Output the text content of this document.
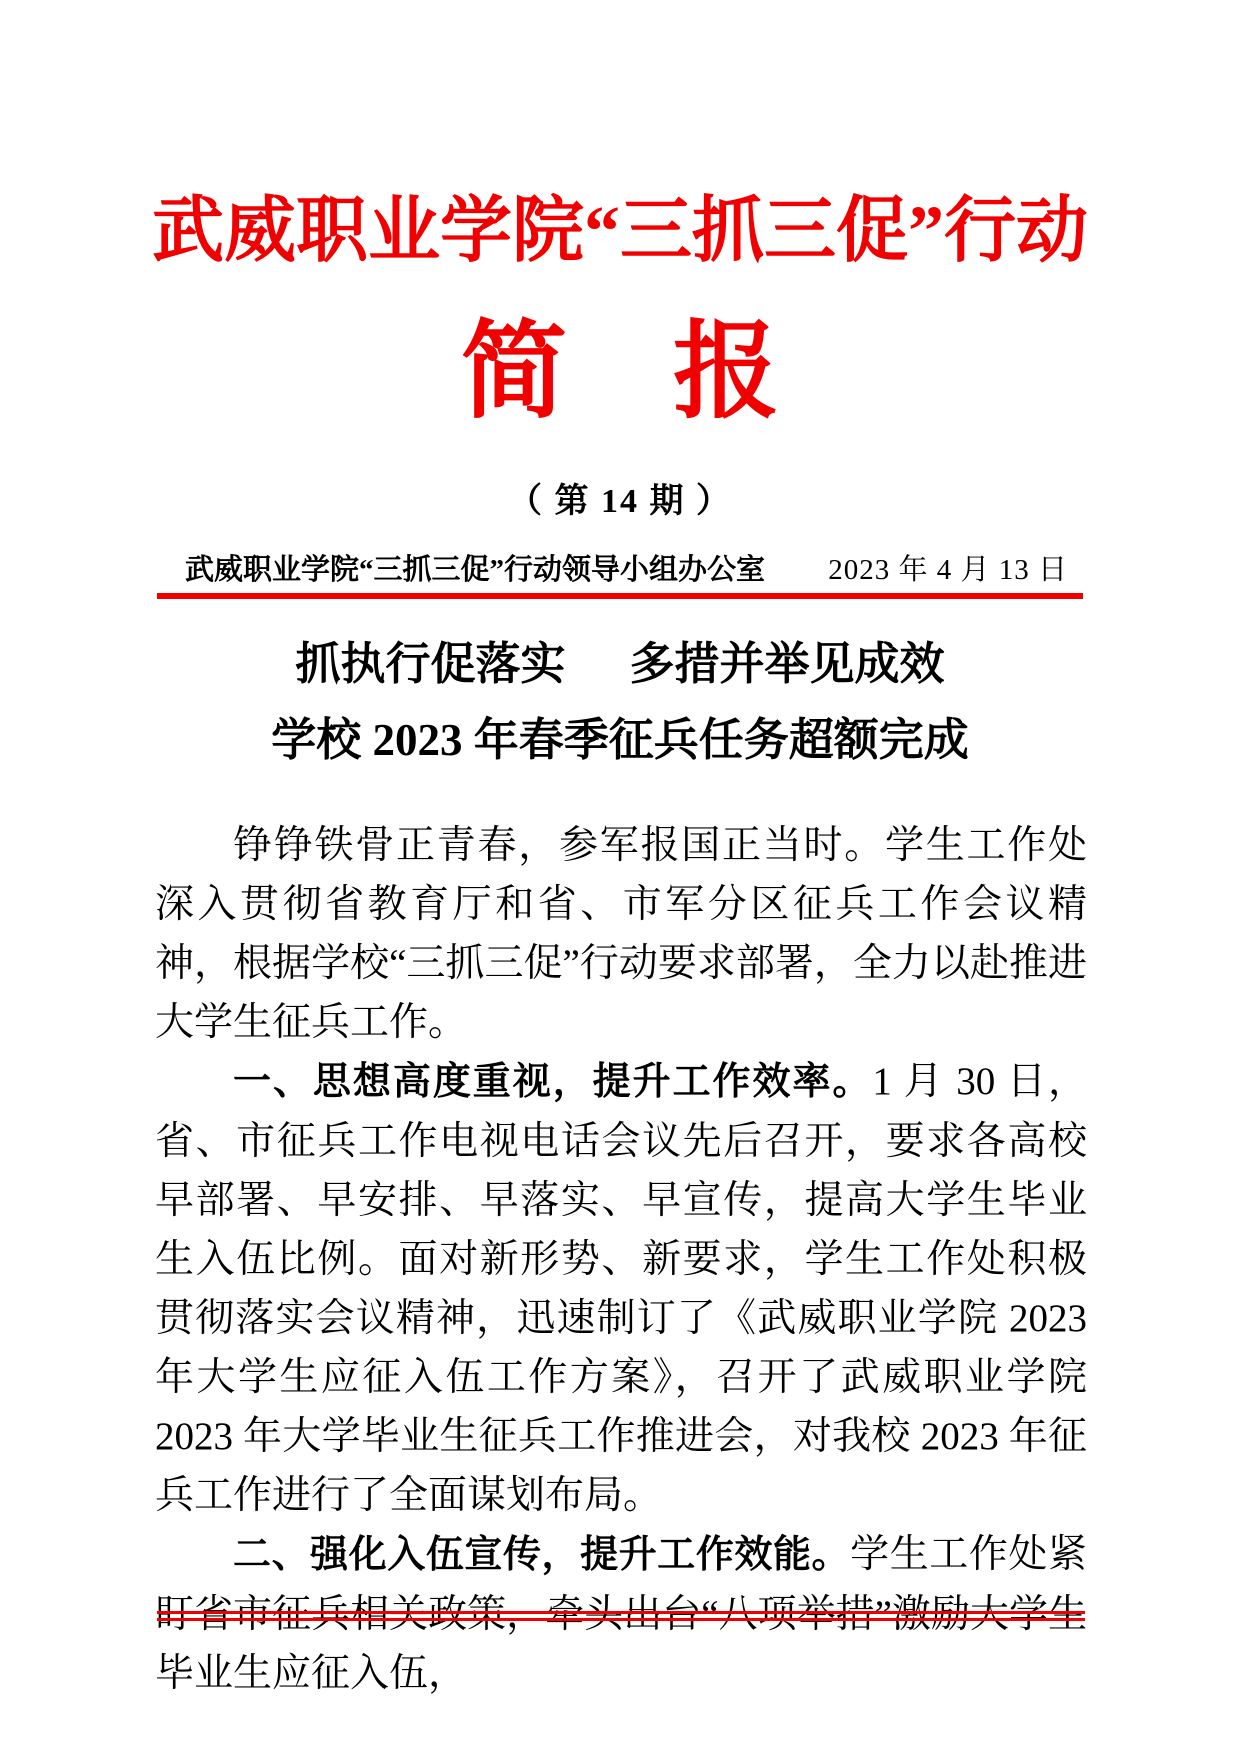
武威职业学院“三抓三促”行动
简　报
（ 第 14 期 ）
武威职业学院“三抓三促”行动领导小组办公室 2023 年 4 月 13 日
抓执行促落实 多措并举见成效
学校 2023 年春季征兵任务超额完成

铮铮铁骨正青春，参军报国正当时。学生工作处深入贯彻省教育厅和省、市军分区征兵工作会议精神，根据学校“三抓三促”行动要求部署，全力以赴推进大学生征兵工作。

一、思想高度重视，提升工作效率。1 月 30 日，省、市征兵工作电视电话会议先后召开，要求各高校早部署、早安排、早落实、早宣传，提高大学生毕业生入伍比例。面对新形势、新要求，学生工作处积极贯彻落实会议精神，迅速制订了《武威职业学院 2023 年大学生应征入伍工作方案》，召开了武威职业学院 2023 年大学毕业生征兵工作推进会，对我校 2023 年征兵工作进行了全面谋划布局。

二、强化入伍宣传，提升工作效能。学生工作处紧盯省市征兵相关政策，牵头出台“八项举措”激励大学生毕业生应征入伍，
